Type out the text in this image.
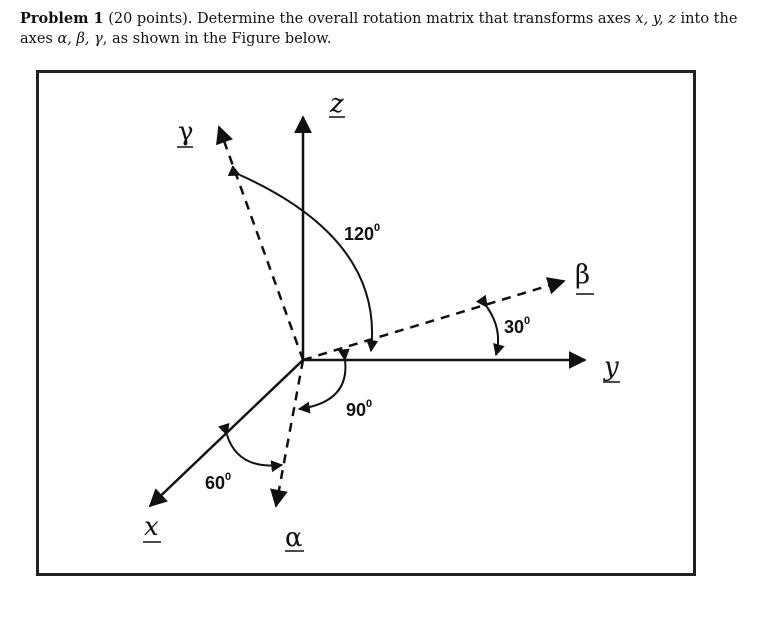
Problem 1 (20 points). Determine the overall rotation matrix that transforms axes x, y, z into the axes α, β, γ, as shown in the Figure below.
z
y
x
γ
β
α
$120^0$
$30^0$
$90^0$
$60^0$
